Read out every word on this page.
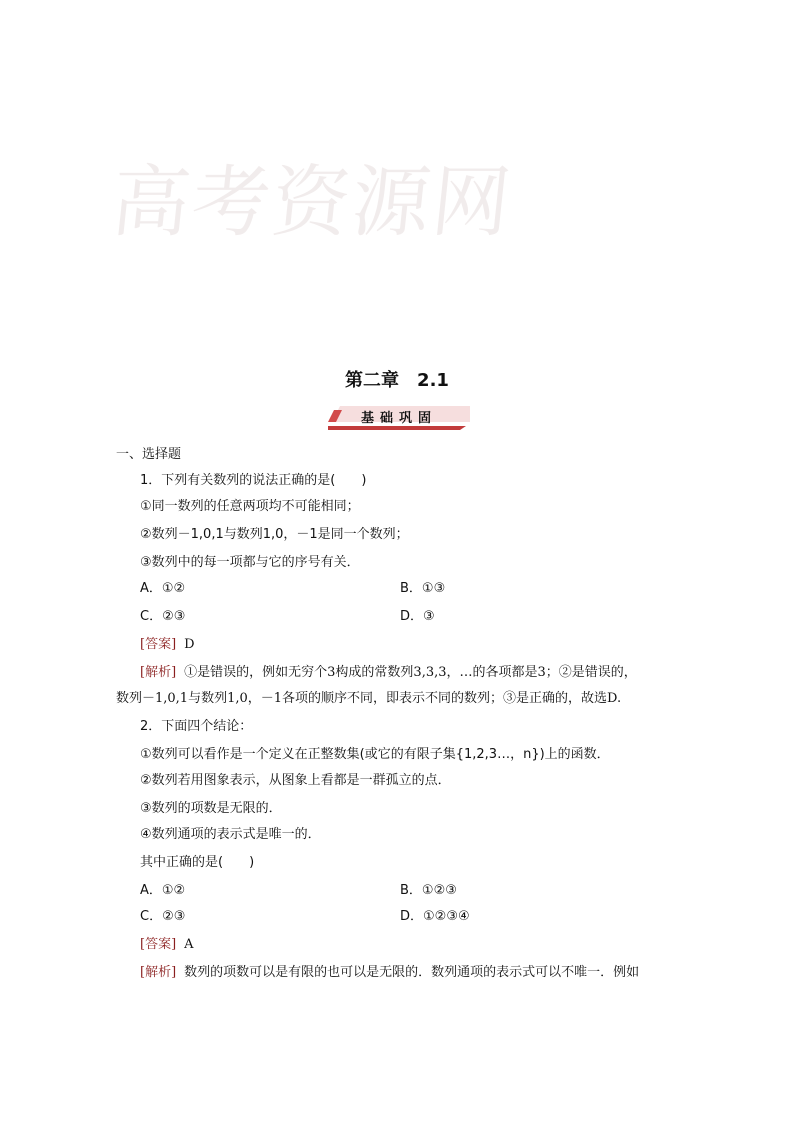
高考资源网
第二章 2.1
基础巩固
一、选择题
1．下列有关数列的说法正确的是(　　)
①同一数列的任意两项均不可能相同；
②数列－1,0,1与数列1,0，－1是同一个数列；
③数列中的每一项都与它的序号有关．
A．①②	B．①③
C．②③	D．③
[答案] D
[解析] ①是错误的，例如无穷个3构成的常数列3,3,3，…的各项都是3；②是错误的，
数列－1,0,1与数列1,0，－1各项的顺序不同，即表示不同的数列；③是正确的，故选D.
2．下面四个结论：
①数列可以看作是一个定义在正整数集(或它的有限子集{1,2,3…，n})上的函数．
②数列若用图象表示，从图象上看都是一群孤立的点．
③数列的项数是无限的．
④数列通项的表示式是唯一的．
其中正确的是(　　)
A．①②	B．①②③
C．②③	D．①②③④
[答案] A
[解析] 数列的项数可以是有限的也可以是无限的．数列通项的表示式可以不唯一．例如
